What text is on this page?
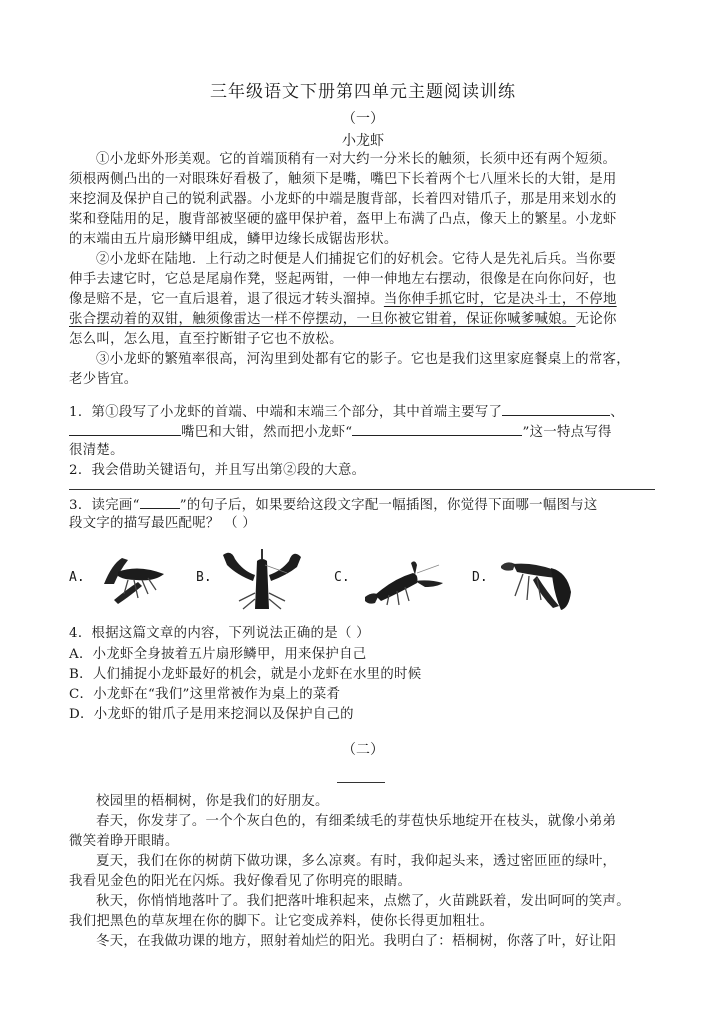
三年级语文下册第四单元主题阅读训练
（一）
小龙虾
①小龙虾外形美观。它的首端顶稍有一对大约一分米长的触须，长须中还有两个短须。
须根两侧凸出的一对眼珠好看极了，触须下是嘴，嘴巴下长着两个七八厘米长的大钳，是用
来挖洞及保护自己的锐利武器。小龙虾的中端是腹背部，长着四对错爪子，那是用来划水的
桨和登陆用的足，腹背部被坚硬的盛甲保护着，盔甲上布满了凸点，像天上的繁星。小龙虾
的末端由五片扇形鳞甲组成，鳞甲边缘长成锯齿形状。
②小龙虾在陆地．上行动之时便是人们捕捉它们的好机会。它待人是先礼后兵。当你要
伸手去逮它时，它总是尾扇作凳，竖起两钳，一伸一伸地左右摆动，很像是在向你问好，也
像是赔不是，它一直后退着，退了很远才转头溜掉。当你伸手抓它时，它是决斗士，不停地
张合摆动着的双钳，触须像雷达一样不停摆动，一旦你被它钳着，保证你喊爹喊娘。无论你
怎么叫，怎么甩，直至拧断钳子它也不放松。
③小龙虾的繁殖率很高，河沟里到处都有它的影子。它也是我们这里家庭餐桌上的常客，
老少皆宜。
1．第①段写了小龙虾的首端、中端和末端三个部分，其中首端主要写了	、
嘴巴和大钳，然而把小龙虾“	”这一特点写得
很清楚。
2．我会借助关键语句，并且写出第②段的大意。
3．读完画“	”的句子后，如果要给这段文字配一幅插图，你觉得下面哪一幅图与这
段文字的描写最匹配呢？ （ ）
A.	B.	C.	D.
4．根据这篇文章的内容，下列说法正确的是（ ）
A．小龙虾全身披着五片扇形鳞甲，用来保护自己
B．人们捕捉小龙虾最好的机会，就是小龙虾在水里的时候
C．小龙虾在“我们”这里常被作为桌上的菜肴
D．小龙虾的钳爪子是用来挖洞以及保护自己的
（二）
校园里的梧桐树，你是我们的好朋友。
春天，你发芽了。一个个灰白色的，有细柔绒毛的芽苞快乐地绽开在枝头，就像小弟弟
微笑着睁开眼睛。
夏天，我们在你的树荫下做功课，多么凉爽。有时，我仰起头来，透过密匝匝的绿叶，
我看见金色的阳光在闪烁。我好像看见了你明亮的眼睛。
秋天，你悄悄地落叶了。我们把落叶堆积起来，点燃了，火苗跳跃着，发出呵呵的笑声。
我们把黑色的草灰埋在你的脚下。让它变成养料，使你长得更加粗壮。
冬天，在我做功课的地方，照射着灿烂的阳光。我明白了：梧桐树，你落了叶，好让阳
